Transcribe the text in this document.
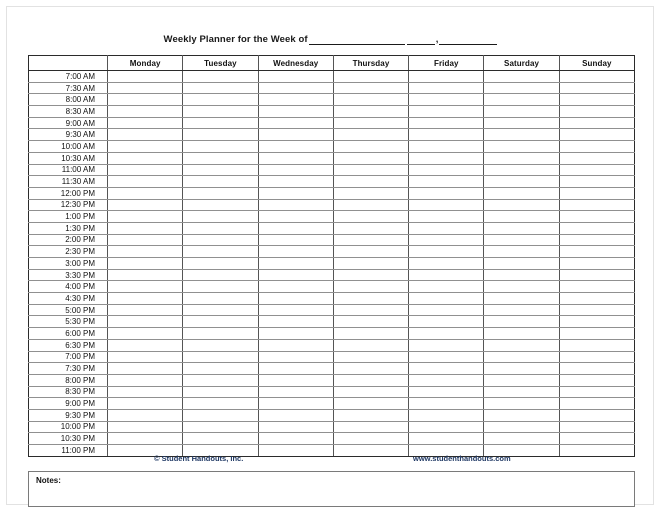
Weekly Planner for the Week of	,
	Monday	Tuesday	Wednesday	Thursday	Friday	Saturday	Sunday
7:00 AM							
7:30 AM							
8:00 AM							
8:30 AM							
9:00 AM							
9:30 AM							
10:00 AM							
10:30 AM							
11:00 AM							
11:30 AM							
12:00 PM							
12:30 PM							
1:00 PM							
1:30 PM							
2:00 PM							
2:30 PM							
3:00 PM							
3:30 PM							
4:00 PM							
4:30 PM							
5:00 PM							
5:30 PM							
6:00 PM							
6:30 PM							
7:00 PM							
7:30 PM							
8:00 PM							
8:30 PM							
9:00 PM							
9:30 PM							
10:00 PM							
10:30 PM							
11:00 PM							
© Student Handouts, Inc.	www.studenthandouts.com
Notes:
